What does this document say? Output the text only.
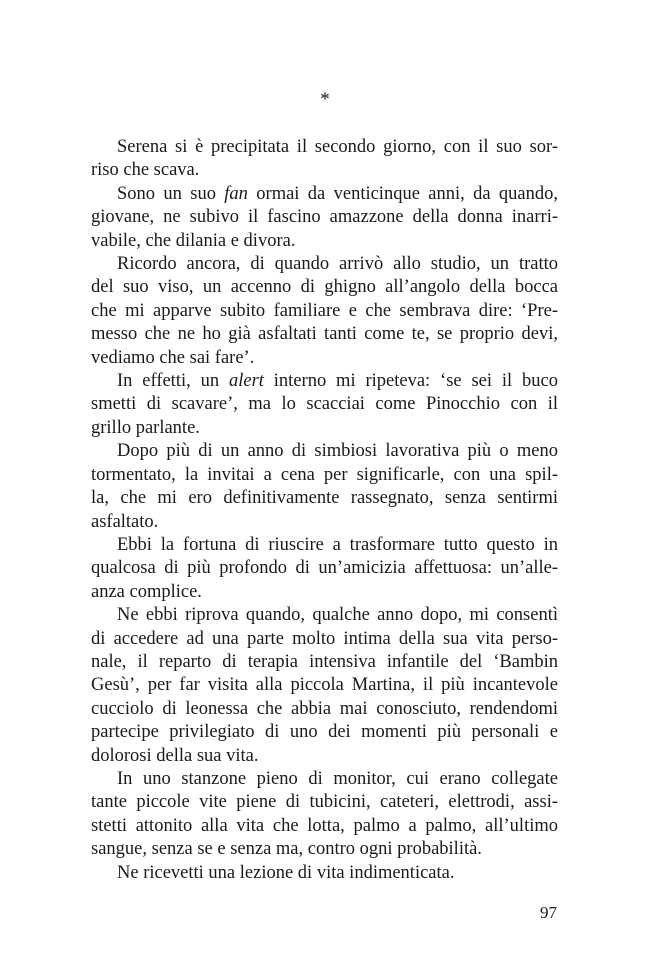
*
Serena si è precipitata il secondo giorno, con il suo sor-
riso che scava.
Sono un suo fan ormai da venticinque anni, da quando,
giovane, ne subivo il fascino amazzone della donna inarri-
vabile, che dilania e divora.
Ricordo ancora, di quando arrivò allo studio, un tratto
del suo viso, un accenno di ghigno all’angolo della bocca
che mi apparve subito familiare e che sembrava dire: ‘Pre-
messo che ne ho già asfaltati tanti come te, se proprio devi,
vediamo che sai fare’.
In effetti, un alert interno mi ripeteva: ‘se sei il buco
smetti di scavare’, ma lo scacciai come Pinocchio con il
grillo parlante.
Dopo più di un anno di simbiosi lavorativa più o meno
tormentato, la invitai a cena per significarle, con una spil-
la, che mi ero definitivamente rassegnato, senza sentirmi
asfaltato.
Ebbi la fortuna di riuscire a trasformare tutto questo in
qualcosa di più profondo di un’amicizia affettuosa: un’alle-
anza complice.
Ne ebbi riprova quando, qualche anno dopo, mi consentì
di accedere ad una parte molto intima della sua vita perso-
nale, il reparto di terapia intensiva infantile del ‘Bambin
Gesù’, per far visita alla piccola Martina, il più incantevole
cucciolo di leonessa che abbia mai conosciuto, rendendomi
partecipe privilegiato di uno dei momenti più personali e
dolorosi della sua vita.
In uno stanzone pieno di monitor, cui erano collegate
tante piccole vite piene di tubicini, cateteri, elettrodi, assi-
stetti attonito alla vita che lotta, palmo a palmo, all’ultimo
sangue, senza se e senza ma, contro ogni probabilità.
Ne ricevetti una lezione di vita indimenticata.
97
